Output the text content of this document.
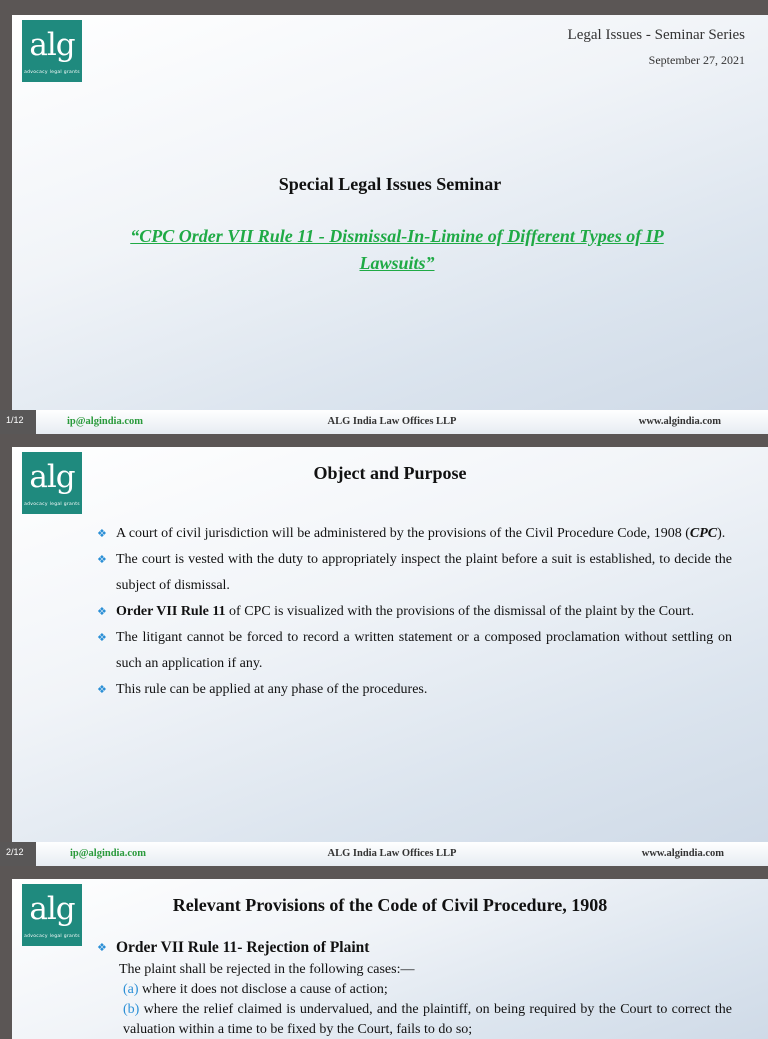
alg
advocacy legal grants
Legal Issues - Seminar Series
September 27, 2021
Special Legal Issues Seminar
“CPC Order VII Rule 11 - Dismissal-In-Limine of Different Types of IP Lawsuits”
1/12	ip@algindia.com	ALG India Law Offices LLP	www.algindia.com
alg
advocacy legal grants
Object and Purpose
❖ A court of civil jurisdiction will be administered by the provisions of the Civil Procedure Code, 1908 (CPC).
❖ The court is vested with the duty to appropriately inspect the plaint before a suit is established, to decide the subject of dismissal.
❖ Order VII Rule 11 of CPC is visualized with the provisions of the dismissal of the plaint by the Court.
❖ The litigant cannot be forced to record a written statement or a composed proclamation without settling on such an application if any.
❖ This rule can be applied at any phase of the procedures.
2/12	ip@algindia.com	ALG India Law Offices LLP	www.algindia.com
alg
advocacy legal grants
Relevant Provisions of the Code of Civil Procedure, 1908
❖ Order VII Rule 11- Rejection of Plaint
The plaint shall be rejected in the following cases:—
(a) where it does not disclose a cause of action;
(b) where the relief claimed is undervalued, and the plaintiff, on being required by the Court to correct the valuation within a time to be fixed by the Court, fails to do so;
